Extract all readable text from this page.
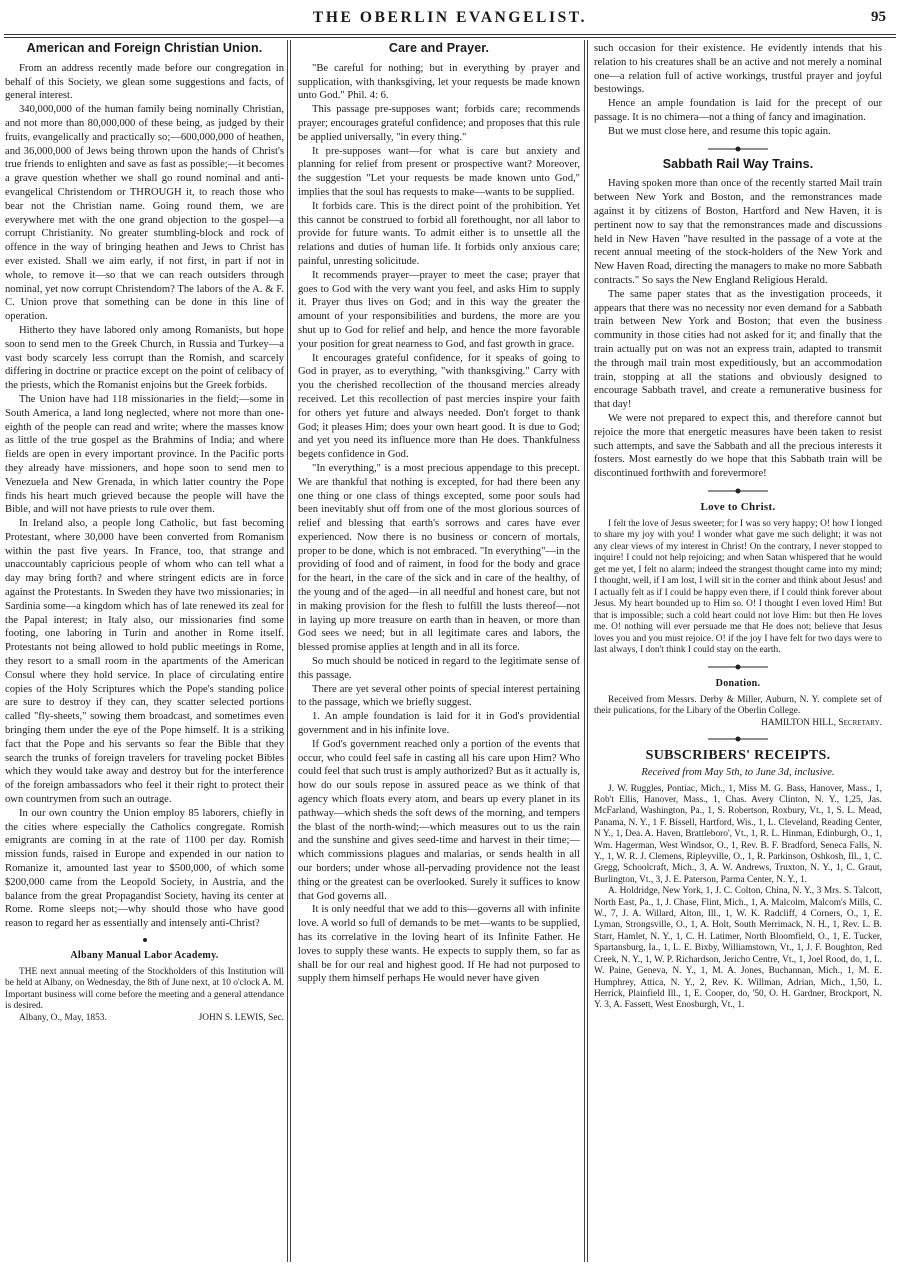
THE OBERLIN EVANGELIST.	95
American and Foreign Christian Union.

From an address recently made before our congregation in behalf of this Society, we glean some suggestions and facts, of general interest.

340,000,000 of the human family being nominally Christian, and not more than 80,000,000 of these being, as judged by their fruits, evangelically and practically so;—600,000,000 of heathen, and 36,000,000 of Jews being thrown upon the hands of Christ's true friends to enlighten and save as fast as possible;—it becomes a grave question whether we shall go round nominal and anti-evangelical Christendom or THROUGH it, to reach those who bear not the Christian name. Going round them, we are everywhere met with the one grand objection to the gospel—a corrupt Christianity. No greater stumbling-block and rock of offence in the way of bringing heathen and Jews to Christ has ever existed. Shall we aim early, if not first, in part if not in whole, to remove it—so that we can reach outsiders through nominal, yet now corrupt Christendom? The labors of the A. & F. C. Union prove that something can be done in this line of operation.

Hitherto they have labored only among Romanists, but hope soon to send men to the Greek Church, in Russia and Turkey—a vast body scarcely less corrupt than the Romish, and scarcely differing in doctrine or practice except on the point of celibacy of the priests, which the Romanist enjoins but the Greek forbids.

The Union have had 118 missionaries in the field;—some in South America, a land long neglected, where not more than one-eighth of the people can read and write; where the masses know as little of the true gospel as the Brahmins of India; and where fields are open in every important province. In the Pacific ports they already have missioners, and hope soon to send men to Venezuela and New Grenada, in which latter country the Pope finds his heart much grieved because the people will have the Bible, and will not have priests to rule over them.

In Ireland also, a people long Catholic, but fast becoming Protestant, where 30,000 have been converted from Romanism within the past five years. In France, too, that strange and unaccountably capricious people of whom who can tell what a day may bring forth? and where stringent edicts are in force against the Protestants. In Sweden they have two missionaries; in Sardinia some—a kingdom which has of late renewed its zeal for the Papal interest; in Italy also, our missionaries find some footing, one laboring in Turin and another in Rome itself. Protestants not being allowed to hold public meetings in Rome, they resort to a small room in the apartments of the American Consul where they hold service. In place of circulating entire copies of the Holy Scriptures which the Pope's standing police are sure to destroy if they can, they scatter selected portions called "fly-sheets," sowing them broadcast, and sometimes even bringing them under the eye of the Pope himself. It is a striking fact that the Pope and his servants so fear the Bible that they search the trunks of foreign travelers for traveling pocket Bibles which they would take away and destroy but for the interference of the foreign ambassadors who feel it their right to protect their own countrymen from such an outrage.

In our own country the Union employ 85 laborers, chiefly in the cities where especially the Catholics congregate. Romish emigrants are coming in at the rate of 1100 per day. Romish mission funds, raised in Europe and expended in our nation to Romanize it, amounted last year to $500,000, of which some $200,000 came from the Leopold Society, in Austria, and the balance from the great Propagandist Society, having its center at Rome. Rome sleeps not;—why should those who have good reason to regard her as essentially and intensely anti-Christ?

Albany Manual Labor Academy.

THE next annual meeting of the Stockholders of this Institution will be held at Albany, on Wednesday, the 8th of June next, at 10 o'clock A. M. Important business will come before the meeting and a general attendance is desired.

Albany, O., May, 1853.	JOHN S. LEWIS, Sec.
Care and Prayer.

"Be careful for nothing; but in everything by prayer and supplication, with thanksgiving, let your requests be made known unto God." Phil. 4: 6.

This passage pre-supposes want; forbids care; recommends prayer; encourages grateful confidence; and proposes that this rule be applied universally, "in every thing."

It pre-supposes want—for what is care but anxiety and planning for relief from present or prospective want? Moreover, the suggestion "Let your requests be made known unto God," implies that the soul has requests to make—wants to be supplied.

It forbids care. This is the direct point of the prohibition. Yet this cannot be construed to forbid all forethought, nor all labor to provide for future wants. To admit either is to unsettle all the relations and duties of human life. It forbids only anxious care; painful, unresting solicitude.

It recommends prayer—prayer to meet the case; prayer that goes to God with the very want you feel, and asks Him to supply it. Prayer thus lives on God; and in this way the greater the amount of your responsibilities and burdens, the more are you shut up to God for relief and help, and hence the more favorable your position for great nearness to God, and fast growth in grace.

It encourages grateful confidence, for it speaks of going to God in prayer, as to everything, "with thanksgiving." Carry with you the cherished recollection of the thousand mercies already received. Let this recollection of past mercies inspire your faith for others yet future and always needed. Don't forget to thank God; it pleases Him; does your own heart good. It is due to God; and yet you need its influence more than He does. Thankfulness begets confidence in God.

"In everything," is a most precious appendage to this precept. We are thankful that nothing is excepted, for had there been any one thing or one class of things excepted, some poor souls had been inevitably shut off from one of the most glorious sources of relief and blessing that earth's sorrows and cares have ever experienced. Now there is no business or concern of mortals, proper to be done, which is not embraced. "In everything"—in the providing of food and of raiment, in food for the body and grace for the heart, in the care of the sick and in care of the healthy, of the young and of the aged—in all needful and honest care, but not in making provision for the flesh to fulfill the lusts thereof—not in laying up more treasure on earth than in heaven, or more than God sees we need; but in all legitimate cares and labors, the blessed promise applies at length and in all its force.

So much should be noticed in regard to the legitimate sense of this passage.

There are yet several other points of special interest pertaining to the passage, which we briefly suggest.

1. An ample foundation is laid for it in God's providential government and in his infinite love.

If God's government reached only a portion of the events that occur, who could feel safe in casting all his care upon Him? Who could feel that such trust is amply authorized? But as it actually is, how do our souls repose in assured peace as we think of that agency which floats every atom, and bears up every planet in its pathway—which sheds the soft dews of the morning, and tempers the blast of the north-wind;—which measures out to us the rain and the sunshine and gives seed-time and harvest in their time;—which commissions plagues and malarias, or sends health in all our borders; under whose all-pervading providence not the least thing or the greatest can be overlooked. Surely it suffices to know that God governs all.

It is only needful that we add to this—governs all with infinite love. A world so full of demands to be met—wants to be supplied, has its correlative in the loving heart of its Infinite Father. He loves to supply these wants. He expects to supply them, so far as shall be for our real and highest good. If He had not purposed to supply them himself perhaps He would never have given

such occasion for their existence. He evidently intends that his relation to his creatures shall be an active and not merely a nominal one—a relation full of active workings, trustful prayer and joyful bestowings.

Hence an ample foundation is laid for the precept of our passage. It is no chimera—not a thing of fancy and imagination.

But we must close here, and resume this topic again.

Sabbath Rail Way Trains.

Having spoken more than once of the recently started Mail train between New York and Boston, and the remonstrances made against it by citizens of Boston, Hartford and New Haven, it is pertinent now to say that the remonstrances made and discussions held in New Haven "have resulted in the passage of a vote at the recent annual meeting of the stock-holders of the New York and New Haven Road, directing the managers to make no more Sabbath contracts." So says the New England Religious Herald.

The same paper states that as the investigation proceeds, it appears that there was no necessity nor even demand for a Sabbath train between New York and Boston; that even the business community in those cities had not asked for it; and finally that the train actually put on was not an express train, adapted to transmit the through mail train most expeditiously, but an accommodation train, stopping at all the stations and obviously designed to encourage Sabbath travel, and create a remunerative business for that day!

We were not prepared to expect this, and therefore cannot but rejoice the more that energetic measures have been taken to resist such attempts, and save the Sabbath and all the precious interests it fosters. Most earnestly do we hope that this Sabbath train will be discontinued forthwith and forevermore!

Love to Christ.

I felt the love of Jesus sweeter; for I was so very happy; O! how I longed to share my joy with you! I wonder what gave me such delight; it was not any clear views of my interest in Christ! On the contrary, I never stopped to inquire! I could not help rejoicing; and when Satan whispered that he would get me yet, I felt no alarm; indeed the strangest thought came into my mind; I thought, well, if I am lost, I will sit in the corner and think about Jesus! and I actually felt as if I could be happy even there, if I could think forever about Jesus. My heart bounded up to Him so. O! I thought I even loved Him! But that is impossible; such a cold heart could not love Him: but then He loves me. O! nothing will ever persuade me that He does not; believe that Jesus loves you and you must rejoice. O! if the joy I have felt for two days were to last always, I don't think I could stay on the earth.

Donation.

Received from Messrs. Derby & Miller, Auburn, N. Y. complete set of their pulications, for the Libary of the Oberlin College.

HAMILTON HILL, Secretary.
SUBSCRIBERS' RECEIPTS.
Received from May 5th, to June 3d, inclusive.

J. W. Ruggles, Pontiac, Mich., 1, Miss M. G. Bass, Hanover, Mass., 1, Rob't Ellis, Hanover, Mass., 1, Chas. Avery Clinton, N. Y., 1,25, Jas. McFarland, Washington, Pa., 1, S. Robertson, Roxbury, Vt., 1, S. L. Mead, Panama, N. Y., 1 F. Bissell, Hartford, Wis., 1, L. Cleveland, Reading Center, N Y., 1, Dea. A. Haven, Brattleboro', Vt., 1, R. L. Hinman, Edinburgh, O., 1, Wm. Hagerman, West Windsor, O., 1, Rev. B. F. Bradford, Seneca Falls, N. Y., 1, W. R. J. Clemens, Ripleyville, O., 1, R. Parkinson, Oshkosh, Ill., 1, C. Gregg, Schoolcraft, Mich., 3, A. W. Andrews, Truxton, N. Y., 1, C. Graut, Burlington, Vt., 3, J. E. Paterson, Parma Center, N. Y., 1.

A. Holdridge, New York, 1, J. C. Colton, China, N. Y., 3 Mrs. S. Talcott, North East, Pa., 1, J. Chase, Flint, Mich., 1, A. Malcolm, Malcom's Mills, C. W., 7, J. A. Willard, Alton, Ill., 1, W. K. Radcliff, 4 Corners, O., 1, E. Lyman, Strongsville, O., 1, A. Holt, South Merrimack, N. H., 1, Rev. L. B. Starr, Hamlet, N. Y., 1, C. H. Latimer, North Bloomfield, O., 1, E. Tucker, Spartansburg, Ia., 1, L. E. Bixby, Williamstown, Vt., 1, J. F. Boughton, Red Creek, N. Y., 1, W. P. Richardson, Jericho Centre, Vt., 1, Joel Rood, do, 1, L. W. Paine, Geneva, N. Y., 1, M. A. Jones, Buchannan, Mich., 1, M. E. Humphrey, Attica, N. Y., 2, Rev. K. Willman, Adrian, Mich., 1,50, L. Herrick, Plainfield Ill., 1, E. Cooper, do, '50, O. H. Gardner, Brockport, N. Y. 3, A. Fassett, West Enosburgh, Vt., 1.
